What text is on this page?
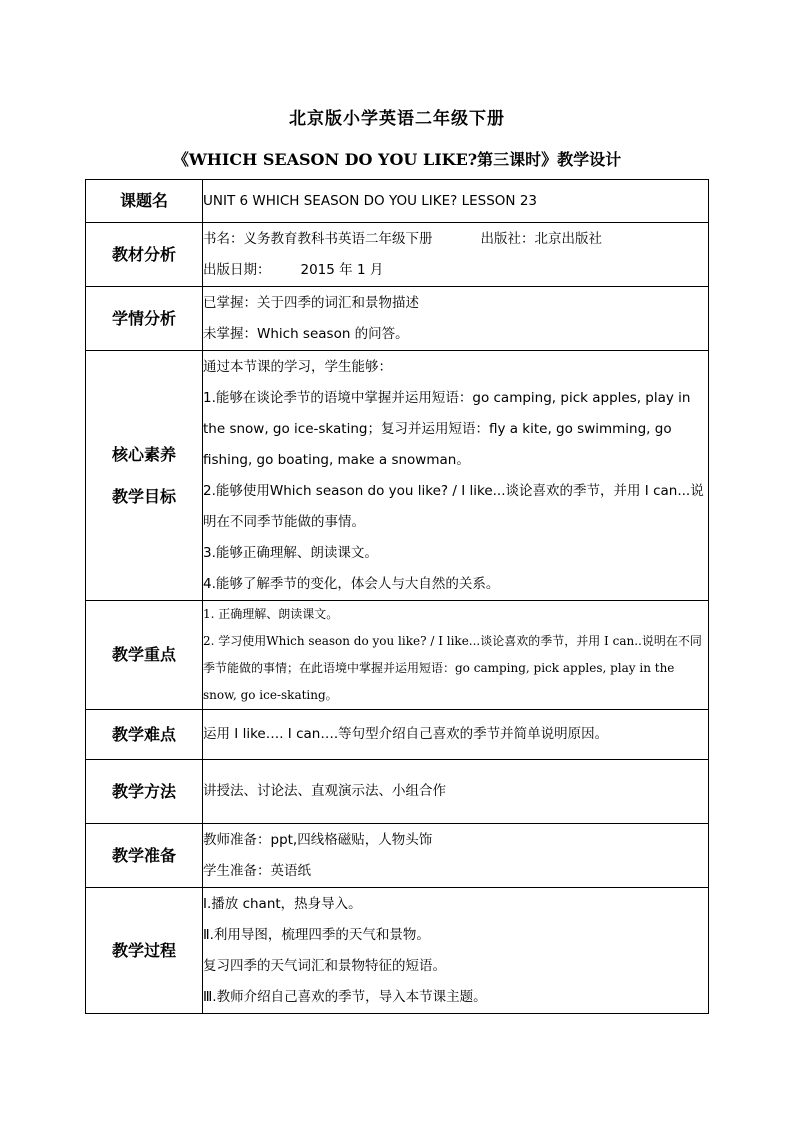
北京版小学英语二年级下册
《WHICH SEASON DO YOU LIKE?第三课时》教学设计
课题名	UNIT 6 WHICH SEASON DO YOU LIKE? LESSON 23

教材分析	书名：义务教育教科书英语二年级下册 出版社：北京出版社
出版日期： 2015 年 1 月

学情分析	已掌握：关于四季的词汇和景物描述
未掌握：Which season 的问答。

核心素养
教学目标	通过本节课的学习，学生能够：
1.能够在谈论季节的语境中掌握并运用短语：go camping, pick apples, play in the snow, go ice-skating；复习并运用短语：fly a kite, go swimming, go fishing, go boating, make a snowman。
2.能够使用Which season do you like? / I like...谈论喜欢的季节，并用 I can...说明在不同季节能做的事情。
3.能够正确理解、朗读课文。
4.能够了解季节的变化，体会人与大自然的关系。

教学重点	1. 正确理解、朗读课文。
2. 学习使用Which season do you like? / I like...谈论喜欢的季节，并用 I can..说明在不同季节能做的事情；在此语境中掌握并运用短语：go camping, pick apples, play in the snow, go ice-skating。

教学难点	运用 I like…. I can….等句型介绍自己喜欢的季节并简单说明原因。

教学方法	讲授法、讨论法、直观演示法、小组合作

教学准备	教师准备：ppt,四线格磁贴，人物头饰
学生准备：英语纸

教学过程	Ⅰ.播放 chant，热身导入。
Ⅱ.利用导图，梳理四季的天气和景物。
复习四季的天气词汇和景物特征的短语。
Ⅲ.教师介绍自己喜欢的季节，导入本节课主题。
